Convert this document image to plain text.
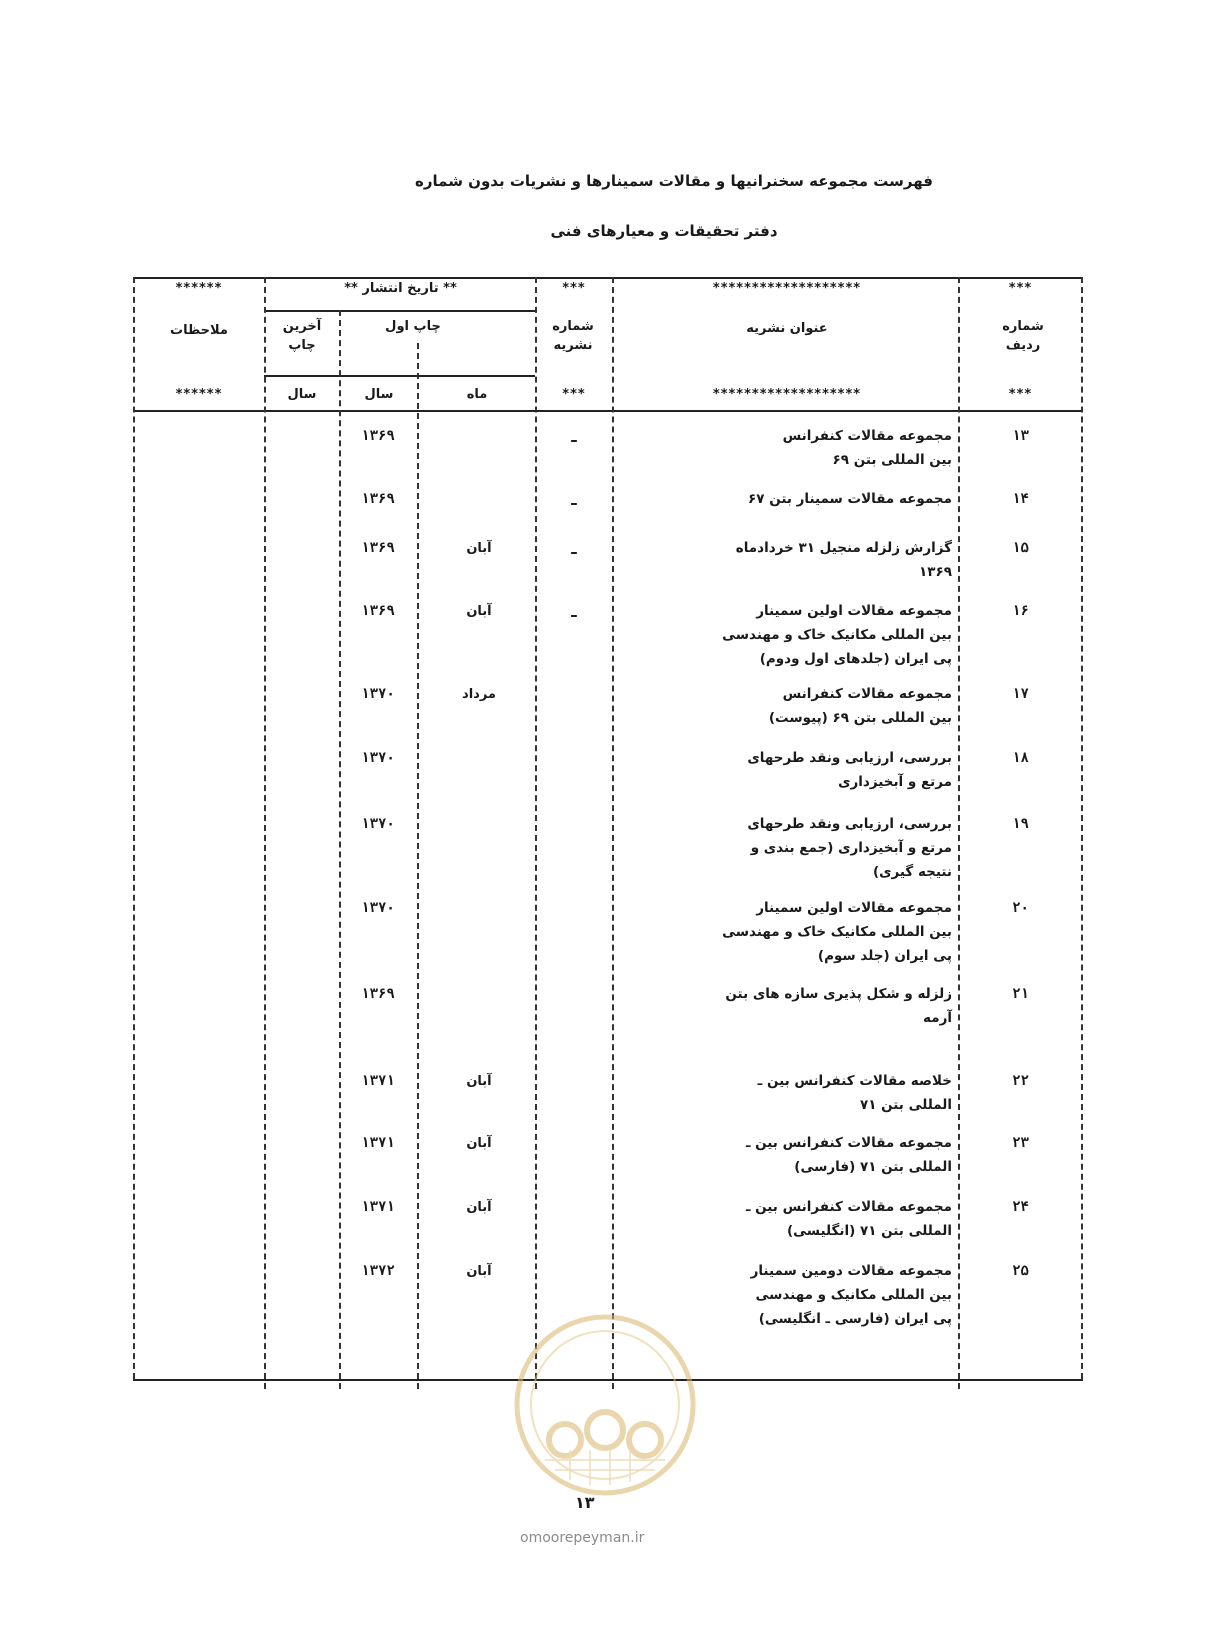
فهرست مجموعه سخنرانیها و مقالات سمینارها و نشریات بدون شماره
دفتر تحقیقات و معیارهای فنی
***
*******************
***
** تاریخ انتشار **
******
شماره ردیف
عنوان نشریه
شماره نشریه
چاپ اول
آخرین چاپ
ملاحظات
***
*******************
***
ماه
سال
سال
******
۱۳
مجموعه مقالات کنفرانس
بین المللی بتن ۶۹
ـ
۱۳۶۹
۱۴
مجموعه مقالات سمینار بتن ۶۷
ـ
۱۳۶۹
۱۵
گزارش زلزله منجیل ۳۱ خردادماه
۱۳۶۹
ـ
آبان
۱۳۶۹
۱۶
مجموعه مقالات اولین سمینار
بین المللی مکانیک خاک و مهندسی
پی ایران (جلدهای اول ودوم)
ـ
آبان
۱۳۶۹
۱۷
مجموعه مقالات کنفرانس
بین المللی بتن ۶۹ (پیوست)
مرداد
۱۳۷۰
۱۸
بررسی، ارزیابی ونقد طرحهای
مرتع و آبخیزداری
۱۳۷۰
۱۹
بررسی، ارزیابی ونقد طرحهای
مرتع و آبخیزداری (جمع بندی و
نتیجه گیری)
۱۳۷۰
۲۰
مجموعه مقالات اولین سمینار
بین المللی مکانیک خاک و مهندسی
پی ایران (جلد سوم)
۱۳۷۰
۲۱
زلزله و شکل پذیری سازه های بتن
آرمه
۱۳۶۹
۲۲
خلاصه مقالات کنفرانس بین ـ
المللی بتن ۷۱
آبان
۱۳۷۱
۲۳
مجموعه مقالات کنفرانس بین ـ
المللی بتن ۷۱ (فارسی)
آبان
۱۳۷۱
۲۴
مجموعه مقالات کنفرانس بین ـ
المللی بتن ۷۱ (انگلیسی)
آبان
۱۳۷۱
۲۵
مجموعه مقالات دومین سمینار
بین المللی مکانیک و مهندسی
پی ایران (فارسی ـ انگلیسی)
آبان
۱۳۷۲
۱۳
omoorepeyman.ir
